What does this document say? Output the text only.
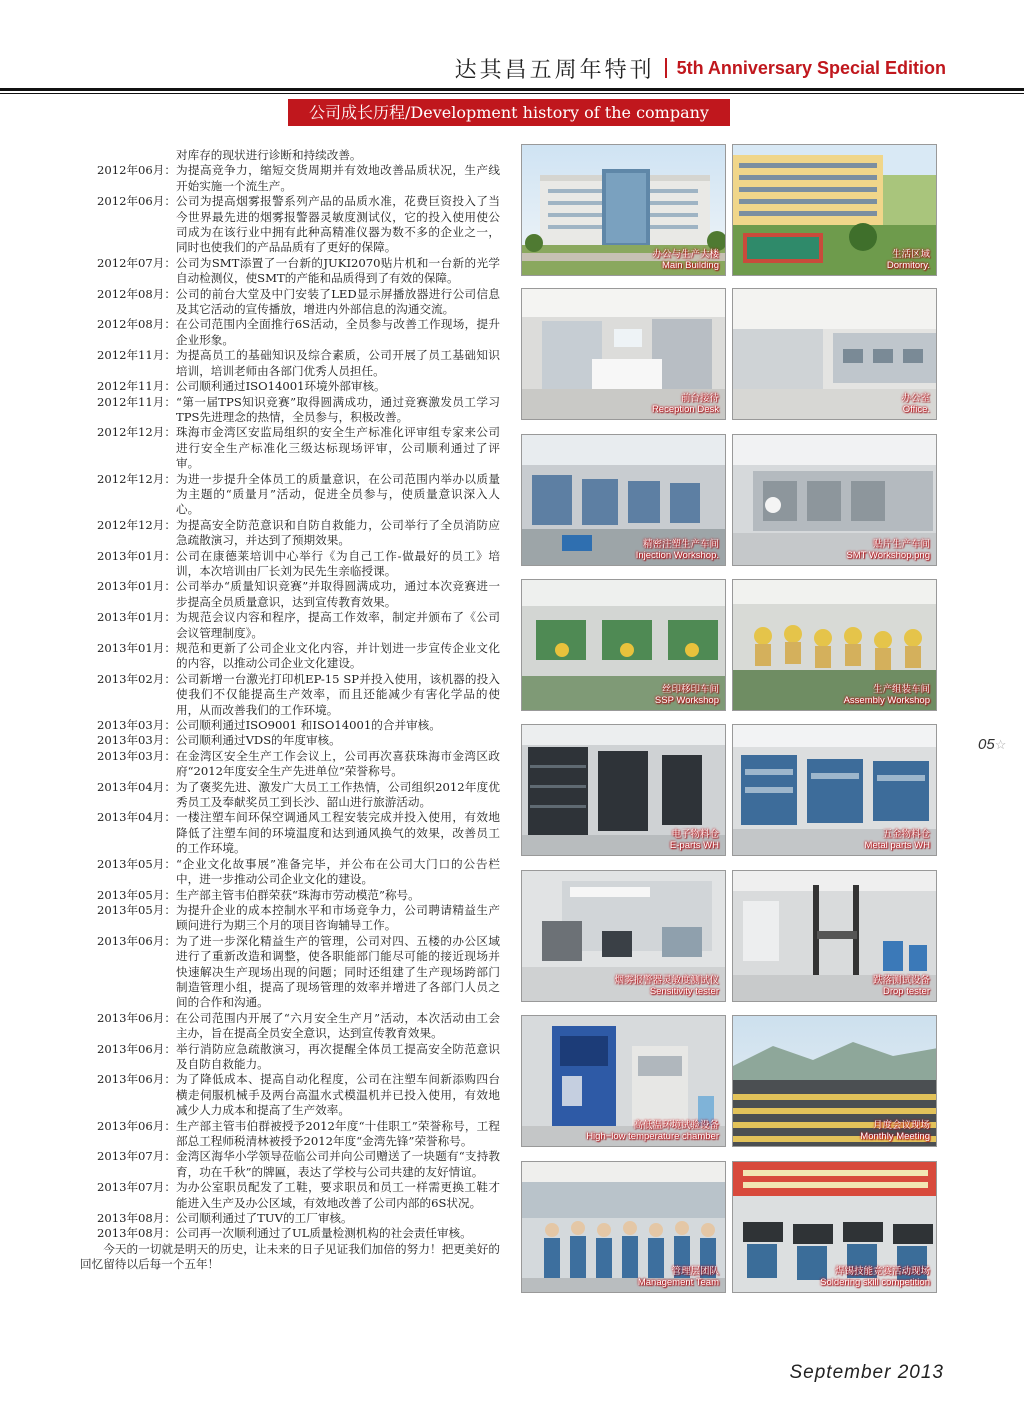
达其昌五周年特刊 5th Anniversary Special Edition
公司成长历程/Development history of the company
对库存的现状进行诊断和持续改善。
2012年06月： 为提高竞争力，缩短交货周期并有效地改善品质状况，生产线开始实施一个流生产。
2012年06月： 公司为提高烟雾报警系列产品的品质水准，花费巨资投入了当今世界最先进的烟雾报警器灵敏度测试仪，它的投入使用使公司成为在该行业中拥有此种高精准仪器为数不多的企业之一，同时也使我们的产品品质有了更好的保障。
2012年07月： 公司为SMT添置了一台新的JUKI2070贴片机和一台新的光学自动检测仪，使SMT的产能和品质得到了有效的保障。
2012年08月： 公司的前台大堂及中门安装了LED显示屏播放器进行公司信息及其它活动的宣传播放，增进内外部信息的沟通交流。
2012年08月： 在公司范围内全面推行6S活动，全员参与改善工作现场，提升企业形象。
2012年11月： 为提高员工的基础知识及综合素质，公司开展了员工基础知识培训，培训老师由各部门优秀人员担任。
2012年11月： 公司顺利通过ISO14001环境外部审核。
2012年11月： “第一届TPS知识竞赛”取得圆满成功，通过竞赛激发员工学习TPS先进理念的热情，全员参与，积极改善。
2012年12月： 珠海市金湾区安监局组织的安全生产标准化评审组专家来公司进行安全生产标准化三级达标现场评审，公司顺利通过了评审。
2012年12月： 为进一步提升全体员工的质量意识，在公司范围内举办以质量为主题的“质量月”活动，促进全员参与，使质量意识深入人心。
2012年12月： 为提高安全防范意识和自防自救能力，公司举行了全员消防应急疏散演习，并达到了预期效果。
2013年01月： 公司在康德莱培训中心举行《为自己工作-做最好的员工》培训，本次培训由厂长刘为民先生亲临授课。
2013年01月： 公司举办“质量知识竞赛”并取得圆满成功，通过本次竞赛进一步提高全员质量意识，达到宣传教育效果。
2013年01月： 为规范会议内容和程序，提高工作效率，制定并颁布了《公司会议管理制度》。
2013年01月： 规范和更新了公司企业文化内容，并计划进一步宣传企业文化的内容，以推动公司企业文化建设。
2013年02月： 公司新增一台激光打印机EP-15 SP并投入使用，该机器的投入使我们不仅能提高生产效率，而且还能减少有害化学品的使用，从而改善我们的工作环境。
2013年03月： 公司顺利通过ISO9001 和ISO14001的合并审核。
2013年03月： 公司顺利通过VDS的年度审核。
2013年03月： 在金湾区安全生产工作会议上，公司再次喜获珠海市金湾区政府“2012年度安全生产先进单位”荣誉称号。
2013年04月： 为了褒奖先进、激发广大员工工作热情，公司组织2012年度优秀员工及奉献奖员工到长沙、韶山进行旅游活动。
2013年04月： 一楼注塑车间环保空调通风工程安装完成并投入使用，有效地降低了注塑车间的环境温度和达到通风换气的效果，改善员工的工作环境。
2013年05月： “企业文化故事展”准备完毕，并公布在公司大门口的公告栏中，进一步推动公司企业文化的建设。
2013年05月： 生产部主管韦伯群荣获“珠海市劳动模范”称号。
2013年05月： 为提升企业的成本控制水平和市场竞争力，公司聘请精益生产顾问进行为期三个月的项目咨询辅导工作。
2013年06月： 为了进一步深化精益生产的管理，公司对四、五楼的办公区域进行了重新改造和调整，使各职能部门能尽可能的接近现场并快速解决生产现场出现的问题；同时还组建了生产现场跨部门制造管理小组，提高了现场管理的效率并增进了各部门人员之间的合作和沟通。
2013年06月： 在公司范围内开展了“六月安全生产月”活动，本次活动由工会主办，旨在提高全员安全意识，达到宣传教育效果。
2013年06月： 举行消防应急疏散演习，再次提醒全体员工提高安全防范意识及自防自救能力。
2013年06月： 为了降低成本、提高自动化程度，公司在注塑车间新添购四台横走伺服机械手及两台高温水式模温机并已投入使用，有效地减少人力成本和提高了生产效率。
2013年06月： 生产部主管韦伯群被授予2012年度“十佳职工”荣誉称号，工程部总工程师税清林被授予2012年度“金湾先锋”荣誉称号。
2013年07月： 金湾区海华小学领导莅临公司并向公司赠送了一块题有“支持教育，功在千秋”的牌匾，表达了学校与公司共建的友好情谊。
2013年07月： 为办公室职员配发了工鞋，要求职员和员工一样需更换工鞋才能进入生产及办公区域，有效地改善了公司内部的6S状况。
2013年08月： 公司顺利通过了TUV的工厂审核。
2013年08月： 公司再一次顺利通过了UL质量检测机构的社会责任审核。
今天的一切就是明天的历史，让未来的日子见证我们加倍的努力！把更美好的回忆留待以后每一个五年！
办公与生产大楼
Main Building
生活区域
Dormitory.
前台接待
Reception Desk
办公室
Office.
精密注塑生产车间
Injection Workshop.
贴片生产车间
SMT Workshop.png
丝印移印车间
SSP Workshop
生产组装车间
Assembly Workshop
电子物料仓
E-parts WH
五金物料仓
Metal parts WH
烟雾报警器灵敏度测试仪
Sensitivity tester
跌落测试设备
Drop tester
高低温环境试验设备
High−low temperature chamber
月度会议现场
Monthly Meeting
管理层团队
Management Team
焊锡技能竞赛活动现场
Soldering skill competition
05☆
September 2013
